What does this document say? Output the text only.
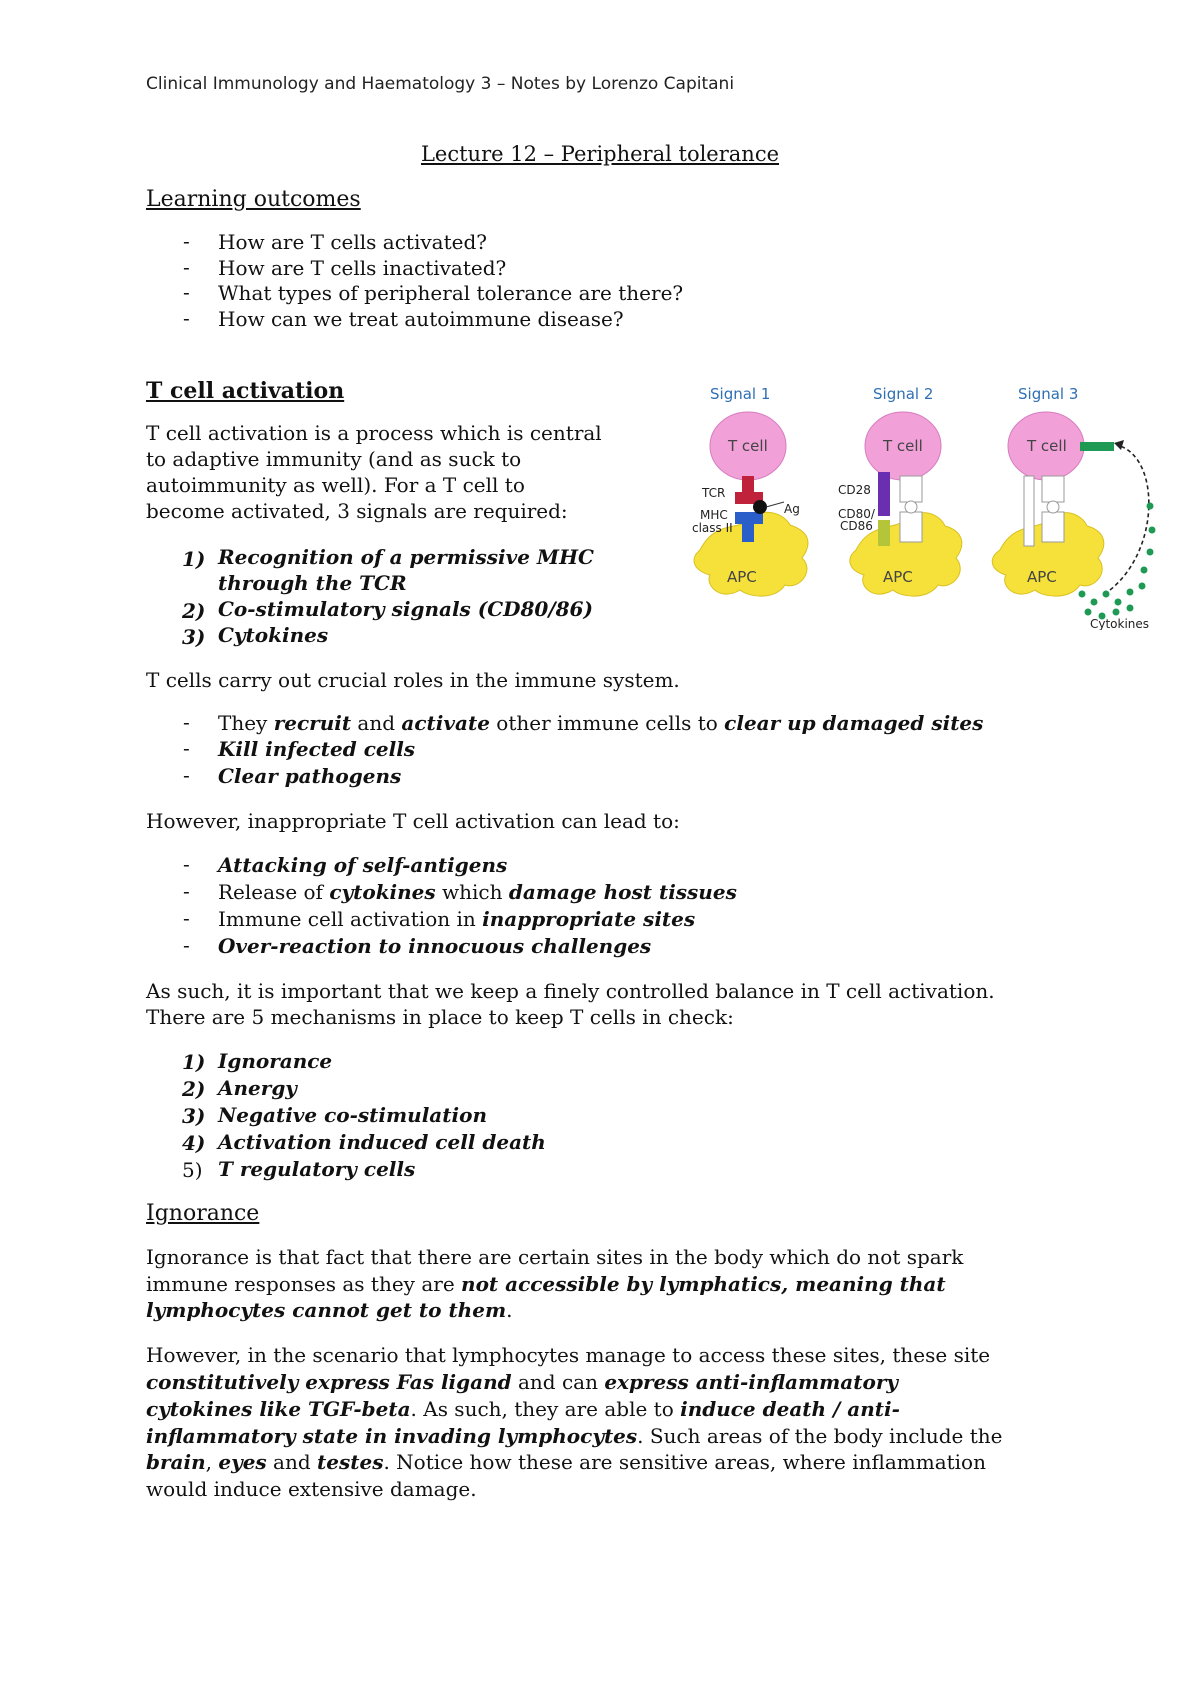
Clinical Immunology and Haematology 3 – Notes by Lorenzo Capitani
Lecture 12 – Peripheral tolerance
Learning outcomes
- How are T cells activated?
- How are T cells inactivated?
- What types of peripheral tolerance are there?
- How can we treat autoimmune disease?
T cell activation
T cell activation is a process which is central
to adaptive immunity (and as suck to
autoimmunity as well). For a T cell to
become activated, 3 signals are required:
1) Recognition of a permissive MHC
through the TCR
2) Co-stimulatory signals (CD80/86)
3) Cytokines
Signal 1	Signal 2	Signal 3
APC
T cell
TCR
MHC
class II
Ag
APC
T cell
CD28
CD80/
CD86
APC
T cell
Cytokines
T cells carry out crucial roles in the immune system.
- They recruit and activate other immune cells to clear up damaged sites
- Kill infected cells
- Clear pathogens
However, inappropriate T cell activation can lead to:
- Attacking of self-antigens
- Release of cytokines which damage host tissues
- Immune cell activation in inappropriate sites
- Over-reaction to innocuous challenges
As such, it is important that we keep a finely controlled balance in T cell activation.
There are 5 mechanisms in place to keep T cells in check:
1) Ignorance
2) Anergy
3) Negative co-stimulation
4) Activation induced cell death
5) T regulatory cells
Ignorance
Ignorance is that fact that there are certain sites in the body which do not spark
immune responses as they are not accessible by lymphatics, meaning that
lymphocytes cannot get to them.
However, in the scenario that lymphocytes manage to access these sites, these site
constitutively express Fas ligand and can express anti-inflammatory
cytokines like TGF-beta. As such, they are able to induce death / anti-
inflammatory state in invading lymphocytes. Such areas of the body include the
brain, eyes and testes. Notice how these are sensitive areas, where inflammation
would induce extensive damage.
